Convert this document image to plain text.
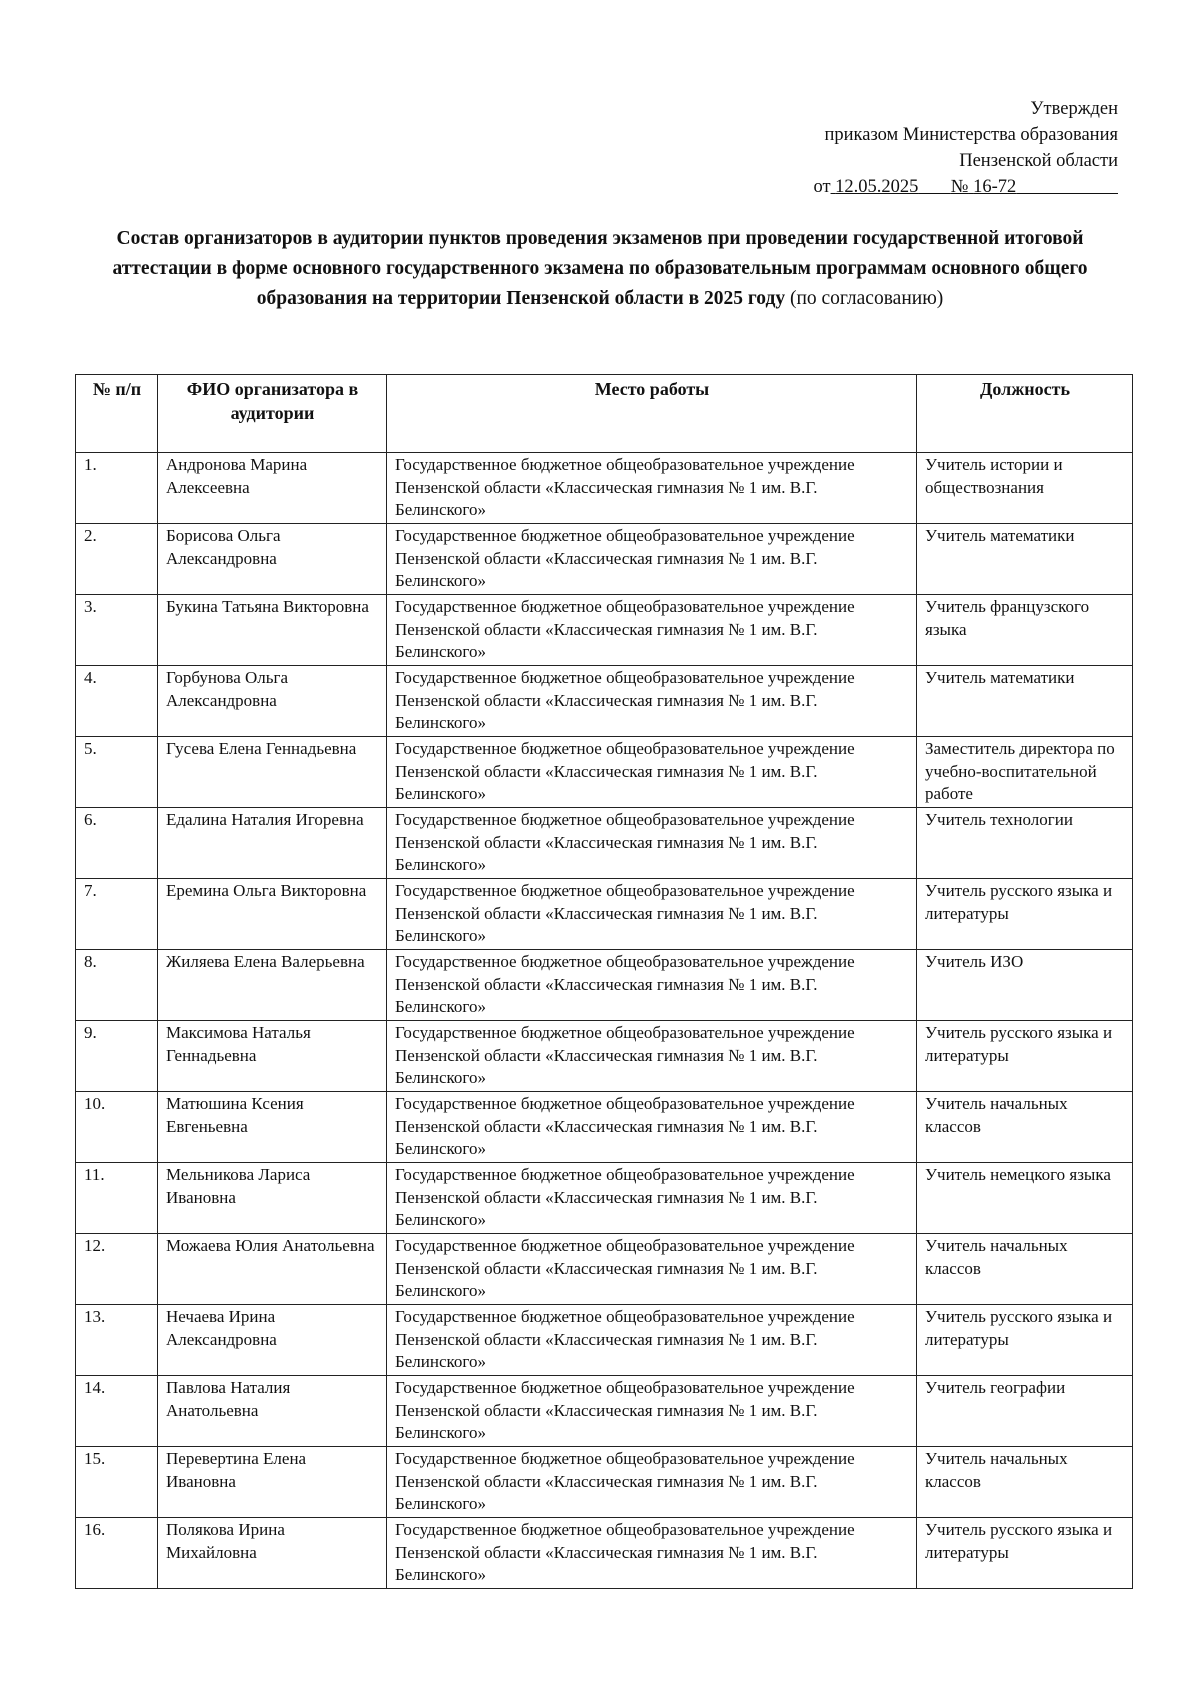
Утвержден
приказом Министерства образования
Пензенской области
от 12.05.2025 № 16-72
Состав организаторов в аудитории пунктов проведения экзаменов при проведении государственной итоговой аттестации в форме основного государственного экзамена по образовательным программам основного общего образования на территории Пензенской области в 2025 году (по согласованию)
№ п/п	ФИО организатора в аудитории	Место работы	Должность
1.	Андронова Марина Алексеевна	Государственное бюджетное общеобразовательное учреждение Пензенской области «Классическая гимназия № 1 им. В.Г. Белинского»	Учитель истории и обществознания
2.	Борисова Ольга Александровна	Государственное бюджетное общеобразовательное учреждение Пензенской области «Классическая гимназия № 1 им. В.Г. Белинского»	Учитель математики
3.	Букина Татьяна Викторовна	Государственное бюджетное общеобразовательное учреждение Пензенской области «Классическая гимназия № 1 им. В.Г. Белинского»	Учитель французского языка
4.	Горбунова Ольга Александровна	Государственное бюджетное общеобразовательное учреждение Пензенской области «Классическая гимназия № 1 им. В.Г. Белинского»	Учитель математики
5.	Гусева Елена Геннадьевна	Государственное бюджетное общеобразовательное учреждение Пензенской области «Классическая гимназия № 1 им. В.Г. Белинского»	Заместитель директора по учебно-воспитательной работе
6.	Едалина Наталия Игоревна	Государственное бюджетное общеобразовательное учреждение Пензенской области «Классическая гимназия № 1 им. В.Г. Белинского»	Учитель технологии
7.	Еремина Ольга Викторовна	Государственное бюджетное общеобразовательное учреждение Пензенской области «Классическая гимназия № 1 им. В.Г. Белинского»	Учитель русского языка и литературы
8.	Жиляева Елена Валерьевна	Государственное бюджетное общеобразовательное учреждение Пензенской области «Классическая гимназия № 1 им. В.Г. Белинского»	Учитель ИЗО
9.	Максимова Наталья Геннадьевна	Государственное бюджетное общеобразовательное учреждение Пензенской области «Классическая гимназия № 1 им. В.Г. Белинского»	Учитель русского языка и литературы
10.	Матюшина Ксения Евгеньевна	Государственное бюджетное общеобразовательное учреждение Пензенской области «Классическая гимназия № 1 им. В.Г. Белинского»	Учитель начальных классов
11.	Мельникова Лариса Ивановна	Государственное бюджетное общеобразовательное учреждение Пензенской области «Классическая гимназия № 1 им. В.Г. Белинского»	Учитель немецкого языка
12.	Можаева Юлия Анатольевна	Государственное бюджетное общеобразовательное учреждение Пензенской области «Классическая гимназия № 1 им. В.Г. Белинского»	Учитель начальных классов
13.	Нечаева Ирина Александровна	Государственное бюджетное общеобразовательное учреждение Пензенской области «Классическая гимназия № 1 им. В.Г. Белинского»	Учитель русского языка и литературы
14.	Павлова Наталия Анатольевна	Государственное бюджетное общеобразовательное учреждение Пензенской области «Классическая гимназия № 1 им. В.Г. Белинского»	Учитель географии
15.	Перевертина Елена Ивановна	Государственное бюджетное общеобразовательное учреждение Пензенской области «Классическая гимназия № 1 им. В.Г. Белинского»	Учитель начальных классов
16.	Полякова Ирина Михайловна	Государственное бюджетное общеобразовательное учреждение Пензенской области «Классическая гимназия № 1 им. В.Г. Белинского»	Учитель русского языка и литературы
